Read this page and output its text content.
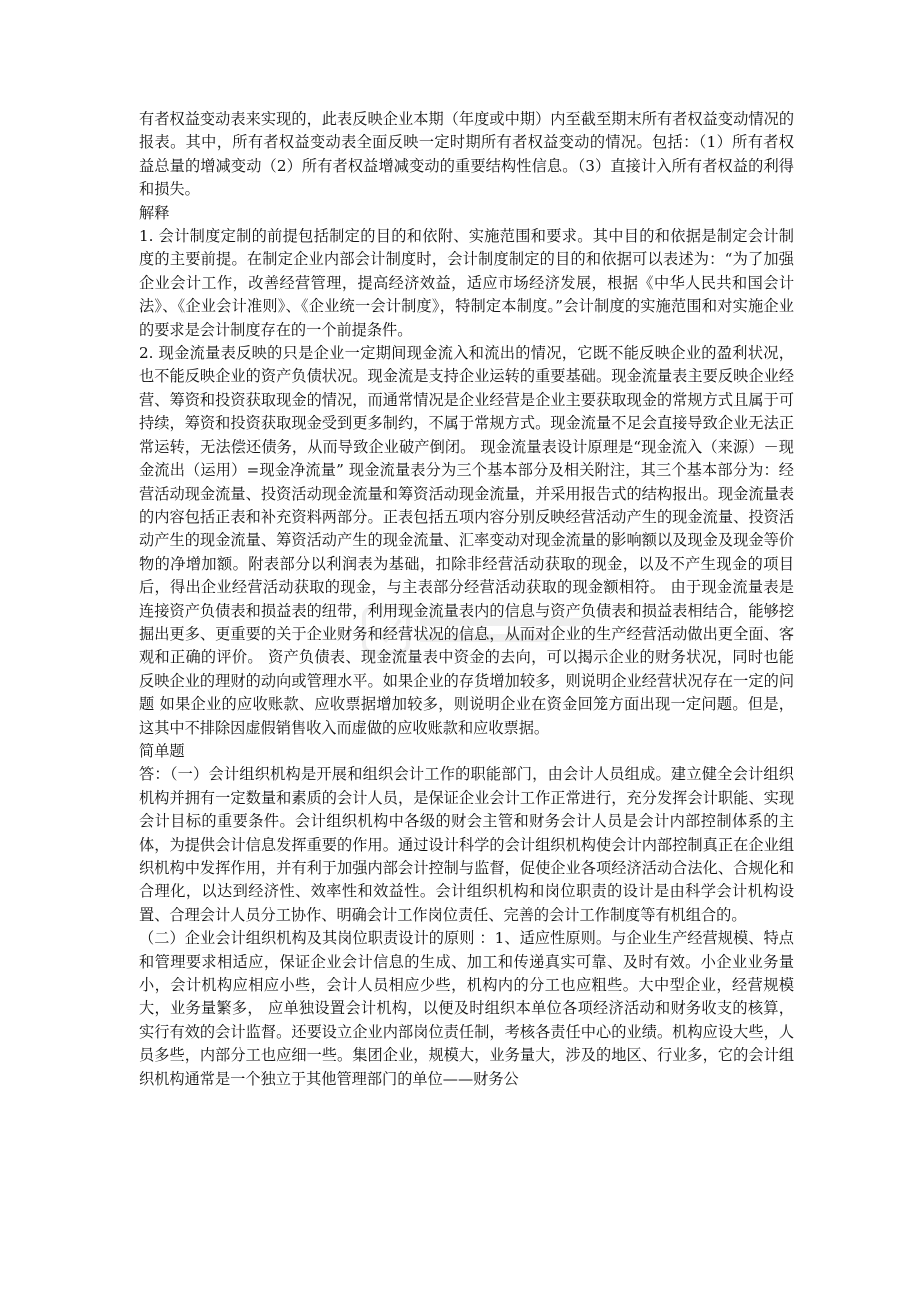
有者权益变动表来实现的，此表反映企业本期（年度或中期）内至截至期末所有者权益变动情况的报表。其中，所有者权益变动表全面反映一定时期所有者权益变动的情况。包括：（1）所有者权益总量的增减变动（2）所有者权益增减变动的重要结构性信息。（3）直接计入所有者权益的利得和损失。

解释

1. 会计制度定制的前提包括制定的目的和依附、实施范围和要求。其中目的和依据是制定会计制度的主要前提。在制定企业内部会计制度时，会计制度制定的目的和依据可以表述为：“为了加强企业会计工作，改善经营管理，提高经济效益，适应市场经济发展，根据《中华人民共和国会计法》、《企业会计准则》、《企业统一会计制度》，特制定本制度。”会计制度的实施范围和对实施企业的要求是会计制度存在的一个前提条件。

2. 现金流量表反映的只是企业一定期间现金流入和流出的情况，它既不能反映企业的盈利状况，也不能反映企业的资产负债状况。现金流是支持企业运转的重要基础。现金流量表主要反映企业经营、筹资和投资获取现金的情况，而通常情况是企业经营是企业主要获取现金的常规方式且属于可持续，筹资和投资获取现金受到更多制约，不属于常规方式。现金流量不足会直接导致企业无法正常运转，无法偿还债务，从而导致企业破产倒闭。 现金流量表设计原理是“现金流入（来源）－现金流出（运用）=现金净流量” 现金流量表分为三个基本部分及相关附注，其三个基本部分为：经营活动现金流量、投资活动现金流量和筹资活动现金流量，并采用报告式的结构报出。现金流量表的内容包括正表和补充资料两部分。正表包括五项内容分别反映经营活动产生的现金流量、投资活动产生的现金流量、筹资活动产生的现金流量、汇率变动对现金流量的影响额以及现金及现金等价物的净增加额。附表部分以利润表为基础，扣除非经营活动获取的现金，以及不产生现金的项目后，得出企业经营活动获取的现金，与主表部分经营活动获取的现金额相符。 由于现金流量表是连接资产负债表和损益表的纽带，利用现金流量表内的信息与资产负债表和损益表相结合，能够挖掘出更多、更重要的关于企业财务和经营状况的信息，从而对企业的生产经营活动做出更全面、客观和正确的评价。 资产负债表、现金流量表中资金的去向，可以揭示企业的财务状况，同时也能反映企业的理财的动向或管理水平。如果企业的存货增加较多，则说明企业经营状况存在一定的问题 如果企业的应收账款、应收票据增加较多，则说明企业在资金回笼方面出现一定问题。但是，这其中不排除因虚假销售收入而虚做的应收账款和应收票据。

简单题

答：（一）会计组织机构是开展和组织会计工作的职能部门，由会计人员组成。建立健全会计组织机构并拥有一定数量和素质的会计人员，是保证企业会计工作正常进行，充分发挥会计职能、实现会计目标的重要条件。会计组织机构中各级的财会主管和财务会计人员是会计内部控制体系的主体，为提供会计信息发挥重要的作用。通过设计科学的会计组织机构使会计内部控制真正在企业组织机构中发挥作用，并有利于加强内部会计控制与监督，促使企业各项经济活动合法化、合规化和合理化，以达到经济性、效率性和效益性。会计组织机构和岗位职责的设计是由科学会计机构设置、合理会计人员分工协作、明确会计工作岗位责任、完善的会计工作制度等有机组合的。

（二）企业会计组织机构及其岗位职责设计的原则 ：1、适应性原则。与企业生产经营规模、特点和管理要求相适应，保证企业会计信息的生成、加工和传递真实可靠、及时有效。小企业业务量小，会计机构应相应小些，会计人员相应少些，机构内的分工也应粗些。大中型企业，经营规模大，业务量繁多， 应单独设置会计机构，以便及时组织本单位各项经济活动和财务收支的核算，实行有效的会计监督。还要设立企业内部岗位责任制，考核各责任中心的业绩。机构应设大些，人员多些，内部分工也应细一些。集团企业，规模大，业务量大，涉及的地区、行业多，它的会计组织机构通常是一个独立于其他管理部门的单位——财务公
